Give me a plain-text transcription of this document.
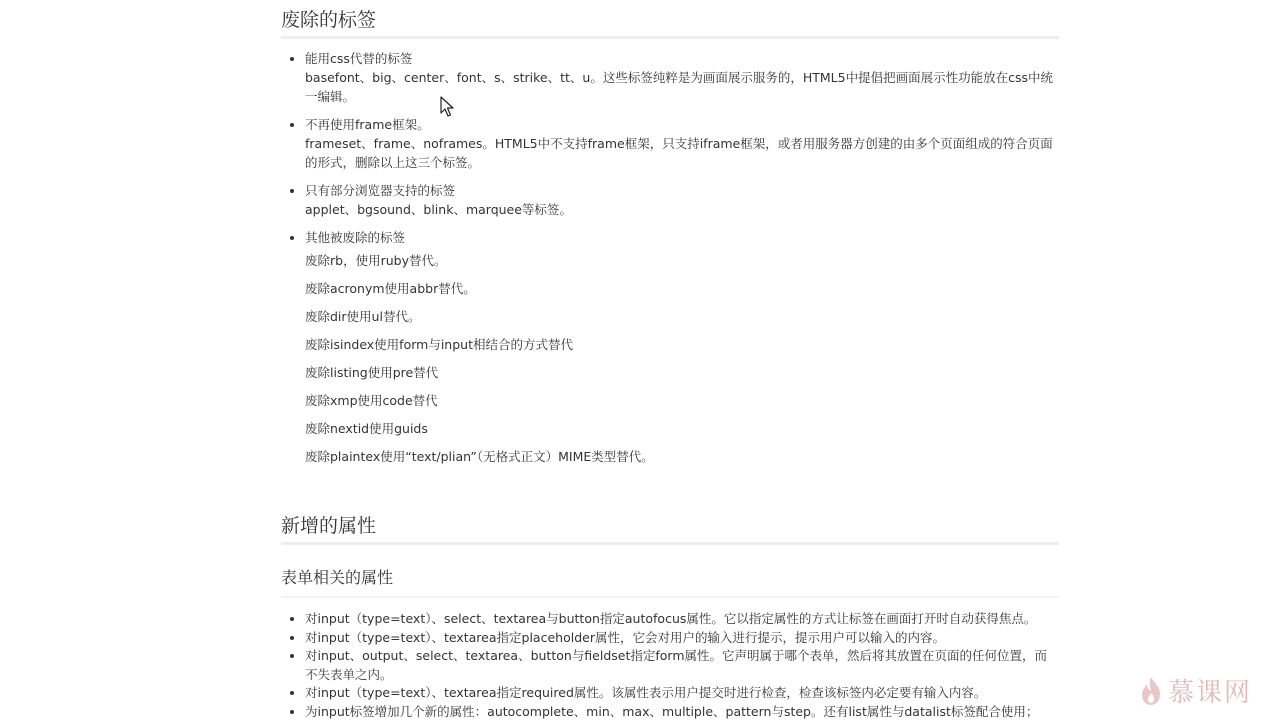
废除的标签

• 能用css代替的标签

basefont、big、center、font、s、strike、tt、u。这些标签纯粹是为画面展示服务的，HTML5中提倡把画面展示性功能放在css中统一编辑。

• 不再使用frame框架。

frameset、frame、noframes。HTML5中不支持frame框架，只支持iframe框架，或者用服务器方创建的由多个页面组成的符合页面的形式，删除以上这三个标签。

• 只有部分浏览器支持的标签

applet、bgsound、blink、marquee等标签。

• 其他被废除的标签

废除rb，使用ruby替代。

废除acronym使用abbr替代。

废除dir使用ul替代。

废除isindex使用form与input相结合的方式替代

废除listing使用pre替代

废除xmp使用code替代

废除nextid使用guids

废除plaintex使用“text/plian”（无格式正文）MIME类型替代。

新增的属性
表单相关的属性
• 对input（type=text）、select、textarea与button指定autofocus属性。它以指定属性的方式让标签在画面打开时自动获得焦点。
• 对input（type=text）、textarea指定placeholder属性，它会对用户的输入进行提示，提示用户可以输入的内容。
• 对input、output、select、textarea、button与fieldset指定form属性。它声明属于哪个表单，然后将其放置在页面的任何位置，而不失表单之内。
• 对input（type=text）、textarea指定required属性。该属性表示用户提交时进行检查，检查该标签内必定要有输入内容。
• 为input标签增加几个新的属性：autocomplete、min、max、multiple、pattern与step。还有list属性与datalist标签配合使用；
慕课网
